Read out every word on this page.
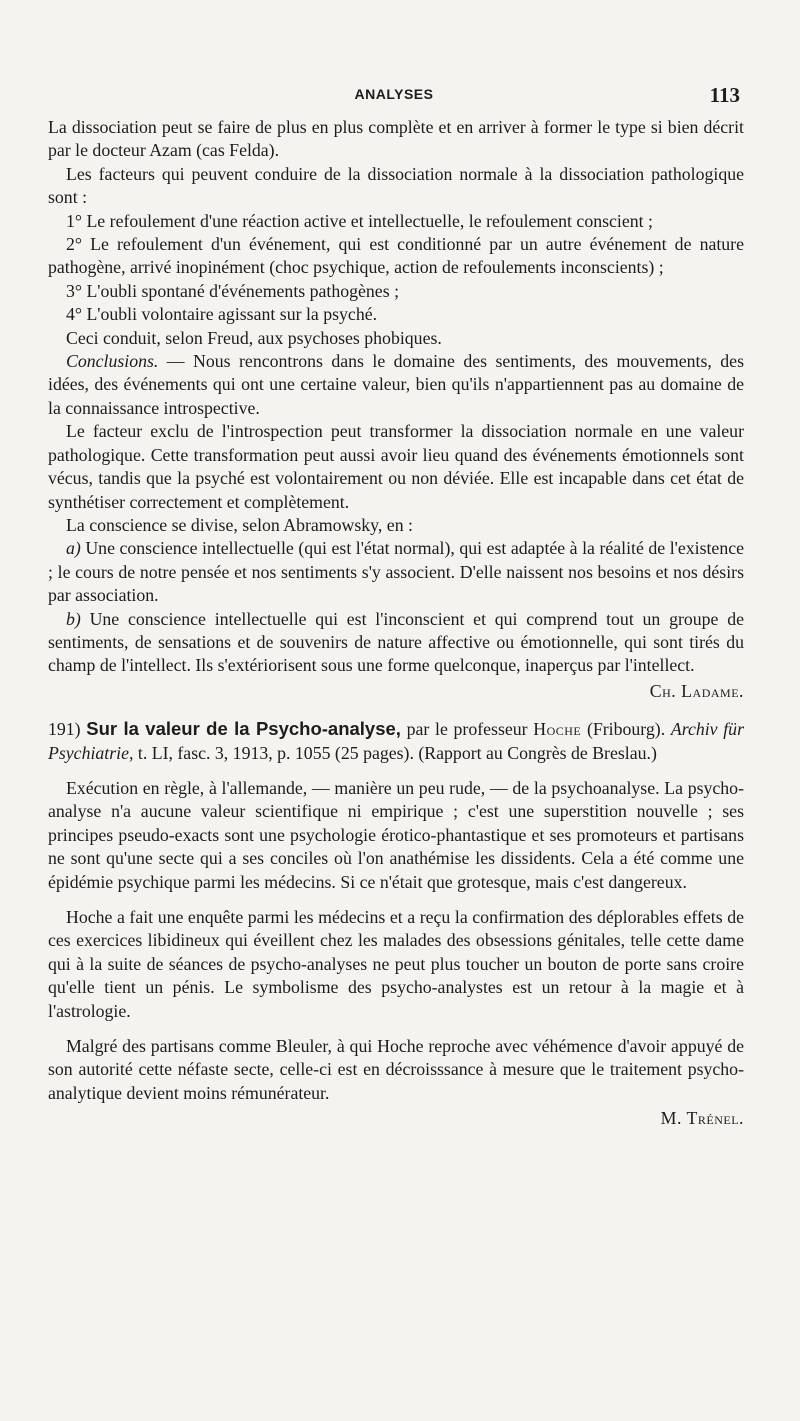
ANALYSES	113

La dissociation peut se faire de plus en plus complète et en arriver à former le type si bien décrit par le docteur Azam (cas Felda).

Les facteurs qui peuvent conduire de la dissociation normale à la dissociation pathologique sont :

1° Le refoulement d'une réaction active et intellectuelle, le refoulement conscient ;

2° Le refoulement d'un événement, qui est conditionné par un autre événement de nature pathogène, arrivé inopinément (choc psychique, action de refoulements inconscients) ;

3° L'oubli spontané d'événements pathogènes ;

4° L'oubli volontaire agissant sur la psyché.

Ceci conduit, selon Freud, aux psychoses phobiques.

Conclusions. — Nous rencontrons dans le domaine des sentiments, des mouvements, des idées, des événements qui ont une certaine valeur, bien qu'ils n'appartiennent pas au domaine de la connaissance introspective.

Le facteur exclu de l'introspection peut transformer la dissociation normale en une valeur pathologique. Cette transformation peut aussi avoir lieu quand des événements émotionnels sont vécus, tandis que la psyché est volontairement ou non déviée. Elle est incapable dans cet état de synthétiser correctement et complètement.

La conscience se divise, selon Abramowsky, en :

a) Une conscience intellectuelle (qui est l'état normal), qui est adaptée à la réalité de l'existence ; le cours de notre pensée et nos sentiments s'y associent. D'elle naissent nos besoins et nos désirs par association.

b) Une conscience intellectuelle qui est l'inconscient et qui comprend tout un groupe de sentiments, de sensations et de souvenirs de nature affective ou émotionnelle, qui sont tirés du champ de l'intellect. Ils s'extériorisent sous une forme quelconque, inaperçus par l'intellect.

Ch. Ladame.

191) Sur la valeur de la Psycho-analyse, par le professeur Hoche (Fribourg). Archiv für Psychiatrie, t. LI, fasc. 3, 1913, p. 1055 (25 pages). (Rapport au Congrès de Breslau.)

Exécution en règle, à l'allemande, — manière un peu rude, — de la psychoanalyse. La psycho-analyse n'a aucune valeur scientifique ni empirique ; c'est une superstition nouvelle ; ses principes pseudo-exacts sont une psychologie érotico-phantastique et ses promoteurs et partisans ne sont qu'une secte qui a ses conciles où l'on anathémise les dissidents. Cela a été comme une épidémie psychique parmi les médecins. Si ce n'était que grotesque, mais c'est dangereux.

Hoche a fait une enquête parmi les médecins et a reçu la confirmation des déplorables effets de ces exercices libidineux qui éveillent chez les malades des obsessions génitales, telle cette dame qui à la suite de séances de psycho-analyses ne peut plus toucher un bouton de porte sans croire qu'elle tient un pénis. Le symbolisme des psycho-analystes est un retour à la magie et à l'astrologie.

Malgré des partisans comme Bleuler, à qui Hoche reproche avec véhémence d'avoir appuyé de son autorité cette néfaste secte, celle-ci est en décroisssance à mesure que le traitement psycho-analytique devient moins rémunérateur.

M. Trénel.
